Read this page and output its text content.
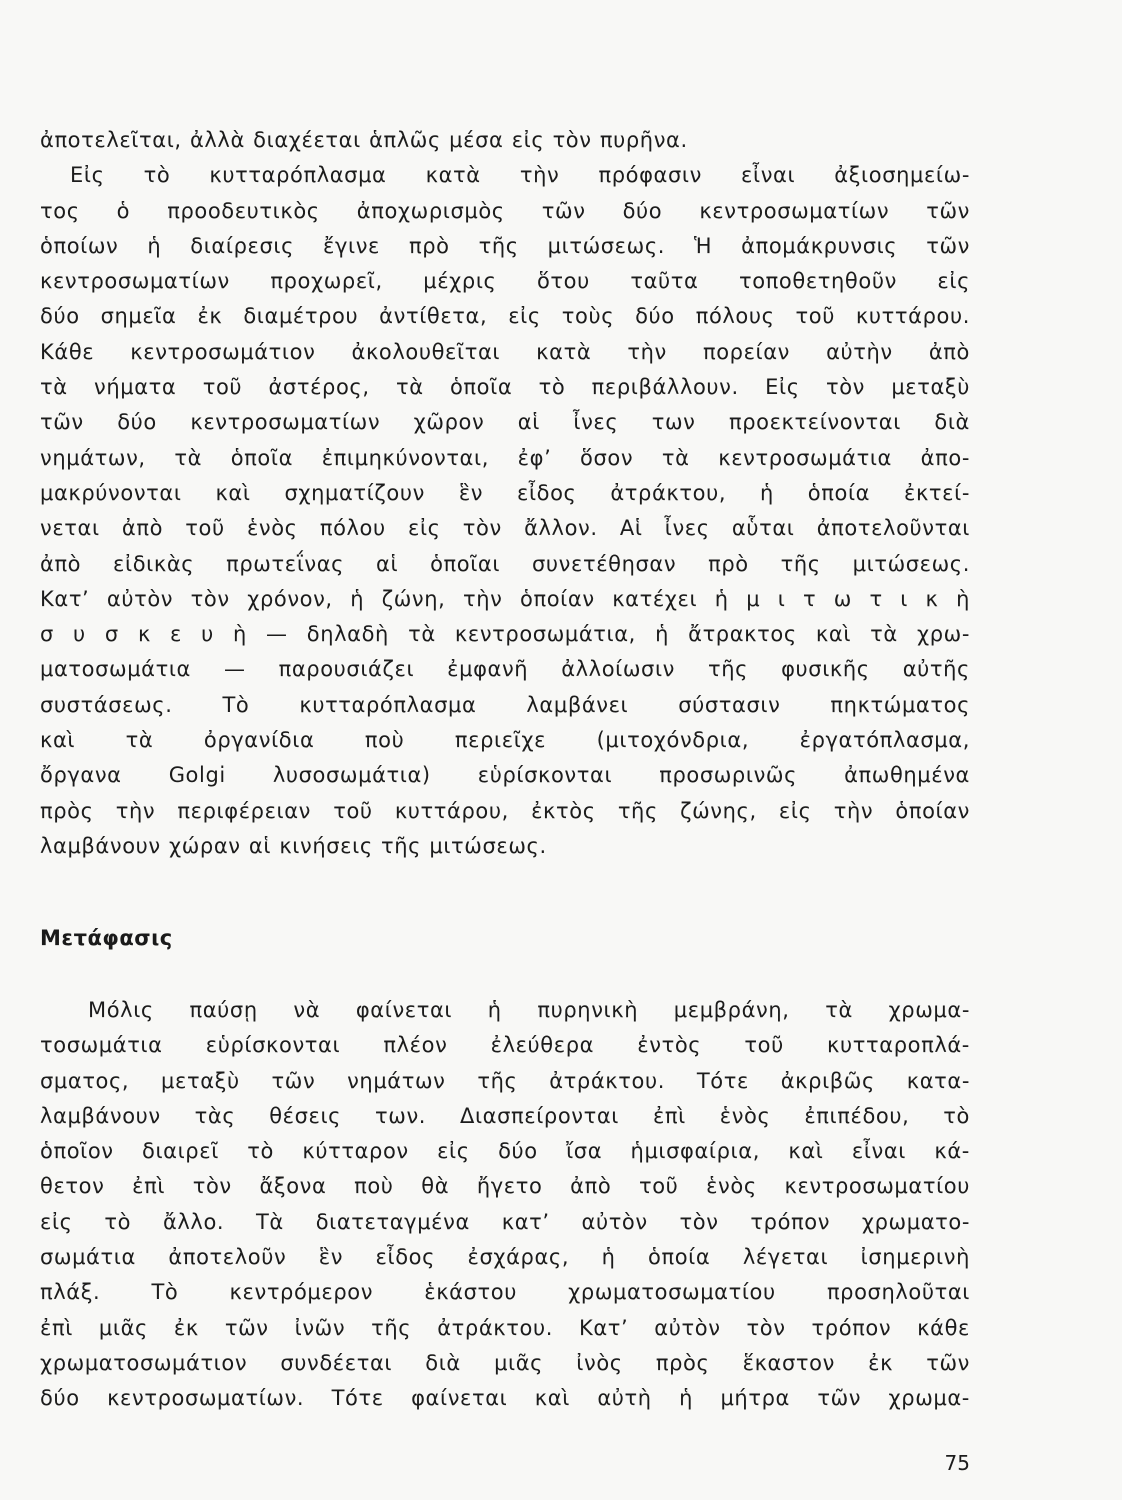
ἀποτελεῖται, ἀλλὰ διαχέεται ἁπλῶς μέσα εἰς τὸν πυρῆνα.
Εἰς τὸ κυτταρόπλασμα κατὰ τὴν πρόφασιν εἶναι ἀξιοσημείω-
τος ὁ προοδευτικὸς ἀποχωρισμὸς τῶν δύο κεντροσωματίων τῶν
ὁποίων ἡ διαίρεσις ἔγινε πρὸ τῆς μιτώσεως. Ἡ ἀπομάκρυνσις τῶν
κεντροσωματίων προχωρεῖ, μέχρις ὅτου ταῦτα τοποθετηθοῦν εἰς
δύο σημεῖα ἐκ διαμέτρου ἀντίθετα, εἰς τοὺς δύο πόλους τοῦ κυττάρου.
Κάθε κεντροσωμάτιον ἀκολουθεῖται κατὰ τὴν πορείαν αὐτὴν ἀπὸ
τὰ νήματα τοῦ ἀστέρος, τὰ ὁποῖα τὸ περιβάλλουν. Εἰς τὸν μεταξὺ
τῶν δύο κεντροσωματίων χῶρον αἱ ἶνες των προεκτείνονται διὰ
νημάτων, τὰ ὁποῖα ἐπιμηκύνονται, ἐφ’ ὅσον τὰ κεντροσωμάτια ἀπο-
μακρύνονται καὶ σχηματίζουν ἓν εἶδος ἀτράκτου, ἡ ὁποία ἐκτεί-
νεται ἀπὸ τοῦ ἑνὸς πόλου εἰς τὸν ἄλλον. Αἱ ἶνες αὗται ἀποτελοῦνται
ἀπὸ εἰδικὰς πρωτεΐνας αἱ ὁποῖαι συνετέθησαν πρὸ τῆς μιτώσεως.
Κατ’ αὐτὸν τὸν χρόνον, ἡ ζώνη, τὴν ὁποίαν κατέχει ἡ μ ι τ ω τ ι κ ὴ
σ υ σ κ ε υ ὴ — δηλαδὴ τὰ κεντροσωμάτια, ἡ ἄτρακτος καὶ τὰ χρω-
ματοσωμάτια — παρουσιάζει ἐμφανῆ ἀλλοίωσιν τῆς φυσικῆς αὐτῆς
συστάσεως. Τὸ κυτταρόπλασμα λαμβάνει σύστασιν πηκτώματος
καὶ τὰ ὀργανίδια ποὺ περιεῖχε (μιτοχόνδρια, ἐργατόπλασμα,
ὄργανα Golgi λυσοσωμάτια) εὑρίσκονται προσωρινῶς ἀπωθημένα
πρὸς τὴν περιφέρειαν τοῦ κυττάρου, ἐκτὸς τῆς ζώνης, εἰς τὴν ὁποίαν
λαμβάνουν χώραν αἱ κινήσεις τῆς μιτώσεως.
Μετάφασις
Μόλις παύσῃ νὰ φαίνεται ἡ πυρηνικὴ μεμβράνη, τὰ χρωμα-
τοσωμάτια εὑρίσκονται πλέον ἐλεύθερα ἐντὸς τοῦ κυτταροπλά-
σματος, μεταξὺ τῶν νημάτων τῆς ἀτράκτου. Τότε ἀκριβῶς κατα-
λαμβάνουν τὰς θέσεις των. Διασπείρονται ἐπὶ ἑνὸς ἐπιπέδου, τὸ
ὁποῖον διαιρεῖ τὸ κύτταρον εἰς δύο ἴσα ἡμισφαίρια, καὶ εἶναι κά-
θετον ἐπὶ τὸν ἄξονα ποὺ θὰ ἤγετο ἀπὸ τοῦ ἑνὸς κεντροσωματίου
εἰς τὸ ἄλλο. Τὰ διατεταγμένα κατ’ αὐτὸν τὸν τρόπον χρωματο-
σωμάτια ἀποτελοῦν ἓν εἶδος ἐσχάρας, ἡ ὁποία λέγεται ἰσημερινὴ
πλάξ. Τὸ κεντρόμερον ἑκάστου χρωματοσωματίου προσηλοῦται
ἐπὶ μιᾶς ἐκ τῶν ἰνῶν τῆς ἀτράκτου. Κατ’ αὐτὸν τὸν τρόπον κάθε
χρωματοσωμάτιον συνδέεται διὰ μιᾶς ἰνὸς πρὸς ἕκαστον ἐκ τῶν
δύο κεντροσωματίων. Τότε φαίνεται καὶ αὐτὴ ἡ μήτρα τῶν χρωμα-
75
